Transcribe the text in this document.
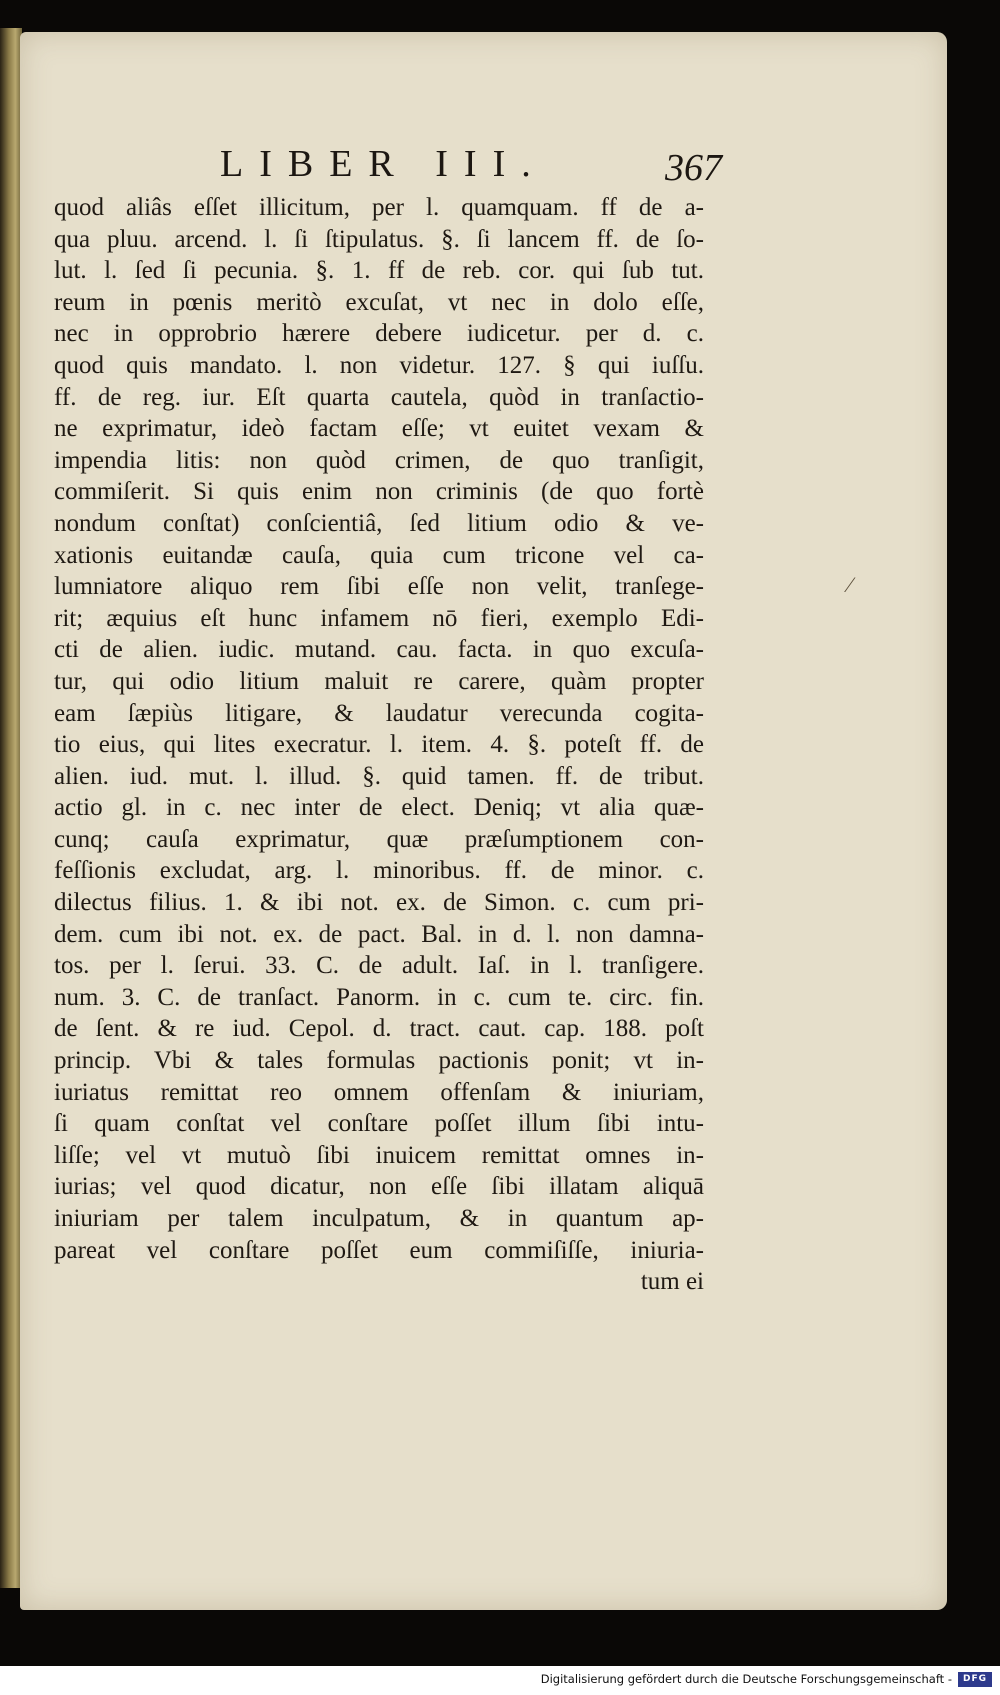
LIBER III.	367
quod aliâs eſſet illicitum, per l. quamquam. ff de a-
qua pluu. arcend. l. ſi ſtipulatus. §. ſi lancem ff. de ſo-
lut. l. ſed ſi pecunia. §. 1. ff de reb. cor. qui ſub tut.
reum in pœnis meritò excuſat, vt nec in dolo eſſe,
nec in opprobrio hærere debere iudicetur. per d. c.
quod quis mandato. l. non videtur. 127. § qui iuſſu.
ff. de reg. iur. Eſt quarta cautela, quòd in tranſactio-
ne exprimatur, ideò factam eſſe; vt euitet vexam &
impendia litis: non quòd crimen, de quo tranſigit,
commiſerit. Si quis enim non criminis (de quo fortè
nondum conſtat) conſcientiâ, ſed litium odio & ve-
xationis euitandæ cauſa, quia cum tricone vel ca-
lumniatore aliquo rem ſibi eſſe non velit, tranſege-
rit; æquius eſt hunc infamem nō fieri, exemplo Edi-
cti de alien. iudic. mutand. cau. facta. in quo excuſa-
tur, qui odio litium maluit re carere, quàm propter
eam ſæpiùs litigare, & laudatur verecunda cogita-
tio eius, qui lites execratur. l. item. 4. §. poteſt ff. de
alien. iud. mut. l. illud. §. quid tamen. ff. de tribut.
actio gl. in c. nec inter de elect. Deniq; vt alia quæ-
cunq; cauſa exprimatur, quæ præſumptionem con-
feſſionis excludat, arg. l. minoribus. ff. de minor. c.
dilectus filius. 1. & ibi not. ex. de Simon. c. cum pri-
dem. cum ibi not. ex. de pact. Bal. in d. l. non damna-
tos. per l. ſerui. 33. C. de adult. Iaſ. in l. tranſigere.
num. 3. C. de tranſact. Panorm. in c. cum te. circ. fin.
de ſent. & re iud. Cepol. d. tract. caut. cap. 188. poſt
princip. Vbi & tales formulas pactionis ponit; vt in-
iuriatus remittat reo omnem offenſam & iniuriam,
ſi quam conſtat vel conſtare poſſet illum ſibi intu-
liſſe; vel vt mutuò ſibi inuicem remittat omnes in-
iurias; vel quod dicatur, non eſſe ſibi illatam aliquā
iniuriam per talem inculpatum, & in quantum ap-
pareat vel conſtare poſſet eum commiſiſſe, iniuria-
tum ei
⁄
Digitalisierung gefördert durch die Deutsche Forschungsgemeinschaft -	DFG
